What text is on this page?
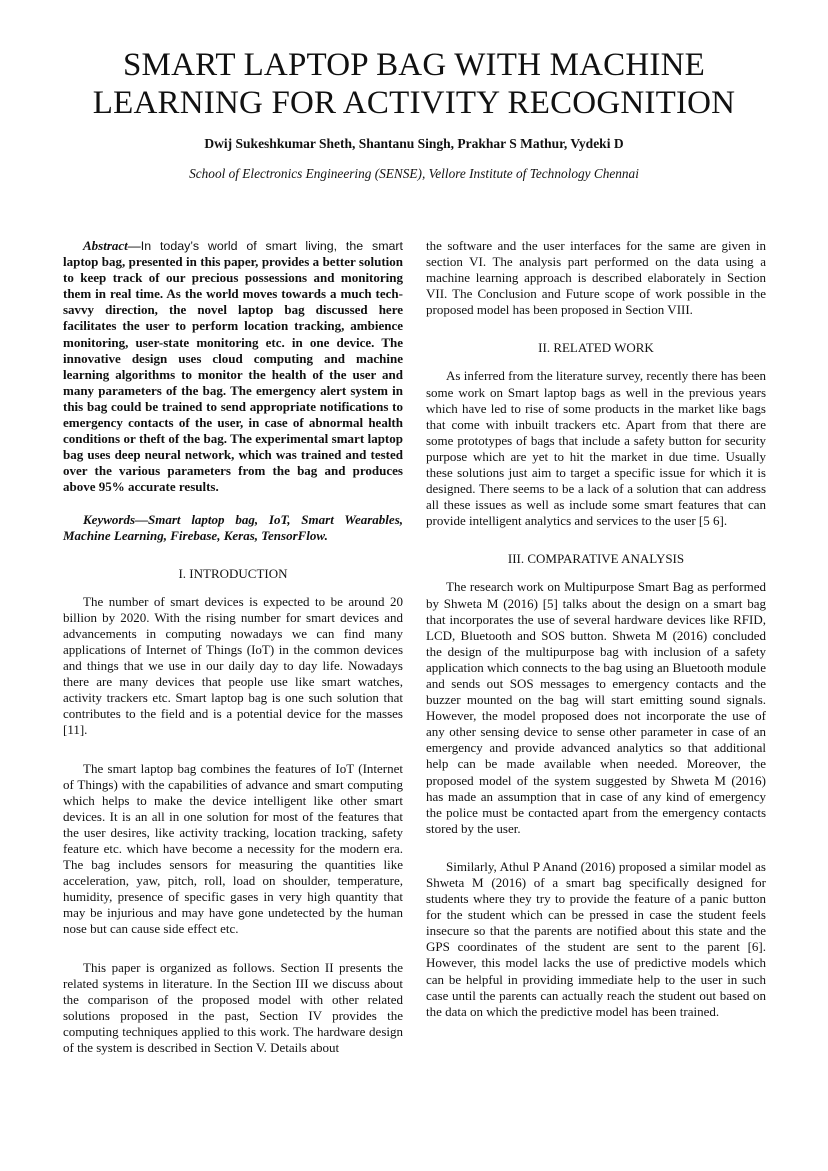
SMART LAPTOP BAG WITH MACHINE
LEARNING FOR ACTIVITY RECOGNITION
Dwij Sukeshkumar Sheth, Shantanu Singh, Prakhar S Mathur, Vydeki D
School of Electronics Engineering (SENSE), Vellore Institute of Technology Chennai

Abstract—In today’s world of smart living, the smart laptop bag, presented in this paper, provides a better solution to keep track of our precious possessions and monitoring them in real time. As the world moves towards a much tech-savvy direction, the novel laptop bag discussed here facilitates the user to perform location tracking, ambience monitoring, user-state monitoring etc. in one device. The innovative design uses cloud computing and machine learning algorithms to monitor the health of the user and many parameters of the bag. The emergency alert system in this bag could be trained to send appropriate notifications to emergency contacts of the user, in case of abnormal health conditions or theft of the bag. The experimental smart laptop bag uses deep neural network, which was trained and tested over the various parameters from the bag and produces above 95% accurate results.

Keywords—Smart laptop bag, IoT, Smart Wearables, Machine Learning, Firebase, Keras, TensorFlow.

I. INTRODUCTION

The number of smart devices is expected to be around 20 billion by 2020. With the rising number for smart devices and advancements in computing nowadays we can find many applications of Internet of Things (IoT) in the common devices and things that we use in our daily day to day life. Nowadays there are many devices that people use like smart watches, activity trackers etc. Smart laptop bag is one such solution that contributes to the field and is a potential device for the masses [11].

The smart laptop bag combines the features of IoT (Internet of Things) with the capabilities of advance and smart computing which helps to make the device intelligent like other smart devices. It is an all in one solution for most of the features that the user desires, like activity tracking, location tracking, safety feature etc. which have become a necessity for the modern era. The bag includes sensors for measuring the quantities like acceleration, yaw, pitch, roll, load on shoulder, temperature, humidity, presence of specific gases in very high quantity that may be injurious and may have gone undetected by the human nose but can cause side effect etc.

This paper is organized as follows. Section II presents the related systems in literature. In the Section III we discuss about the comparison of the proposed model with other related solutions proposed in the past, Section IV provides the computing techniques applied to this work. The hardware design of the system is described in Section V. Details about

the software and the user interfaces for the same are given in section VI. The analysis part performed on the data using a machine learning approach is described elaborately in Section VII. The Conclusion and Future scope of work possible in the proposed model has been proposed in Section VIII.

II. RELATED WORK

As inferred from the literature survey, recently there has been some work on Smart laptop bags as well in the previous years which have led to rise of some products in the market like bags that come with inbuilt trackers etc. Apart from that there are some prototypes of bags that include a safety button for security purpose which are yet to hit the market in due time. Usually these solutions just aim to target a specific issue for which it is designed. There seems to be a lack of a solution that can address all these issues as well as include some smart features that can provide intelligent analytics and services to the user [5 6].

III. COMPARATIVE ANALYSIS

The research work on Multipurpose Smart Bag as performed by Shweta M (2016) [5] talks about the design on a smart bag that incorporates the use of several hardware devices like RFID, LCD, Bluetooth and SOS button. Shweta M (2016) concluded the design of the multipurpose bag with inclusion of a safety application which connects to the bag using an Bluetooth module and sends out SOS messages to emergency contacts and the buzzer mounted on the bag will start emitting sound signals. However, the model proposed does not incorporate the use of any other sensing device to sense other parameter in case of an emergency and provide advanced analytics so that additional help can be made available when needed. Moreover, the proposed model of the system suggested by Shweta M (2016) has made an assumption that in case of any kind of emergency the police must be contacted apart from the emergency contacts stored by the user.

Similarly, Athul P Anand (2016) proposed a similar model as Shweta M (2016) of a smart bag specifically designed for students where they try to provide the feature of a panic button for the student which can be pressed in case the student feels insecure so that the parents are notified about this state and the GPS coordinates of the student are sent to the parent [6]. However, this model lacks the use of predictive models which can be helpful in providing immediate help to the user in such case until the parents can actually reach the student out based on the data on which the predictive model has been trained.
